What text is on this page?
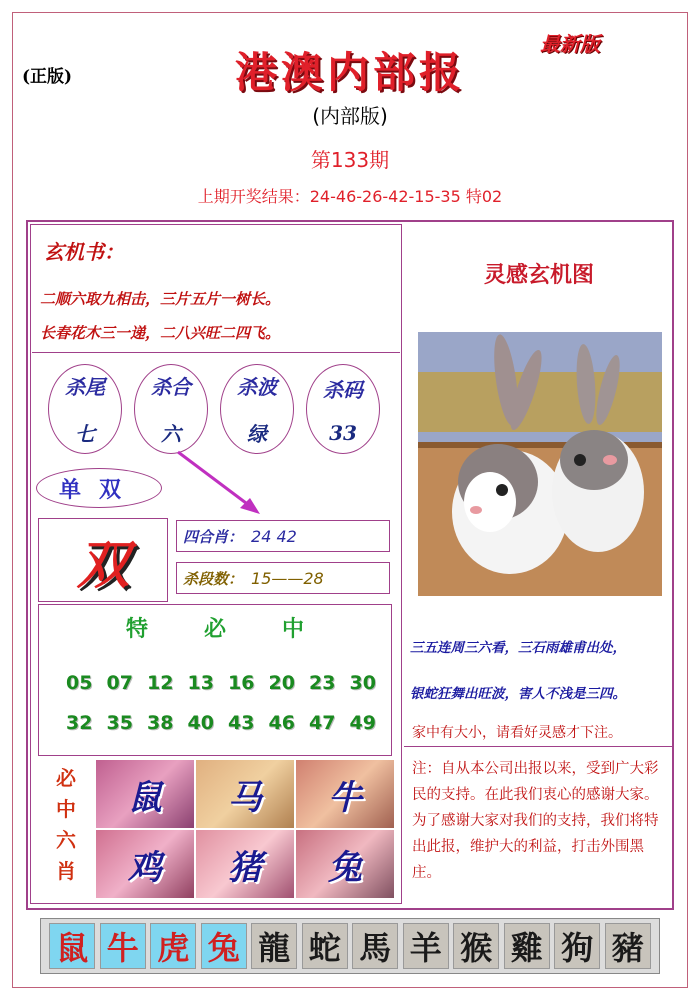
(正版)
最新版
港澳内部报
(内部版)
第133期
上期开奖结果：24-46-26-42-15-35 特02
玄机书：
二顺六取九相击，三片五片一树长。
长春花木三一递，二八兴旺二四飞。
杀尾
七
杀合
六
杀波
绿
杀码
33
单双
双	四合肖： 24 42
杀段数： 15——28
特	必	中
05 07 12 13 16 20 23 30
32 35 38 40 43 46 47 49
必
中
六
肖
鼠	马	牛
鸡	猪	兔
灵感玄机图
三五连周三六看，三石雨雄甫出处，
银蛇狂舞出旺波，害人不浅是三四。
家中有大小，请看好灵感才下注。
注：自从本公司出报以来，受到广大彩民的支持。在此我们衷心的感谢大家。为了感谢大家对我们的支持，我们将特出此报，维护大的利益，打击外围黑庄。
鼠 牛 虎 兔 龍 蛇 馬 羊 猴 雞 狗 豬
